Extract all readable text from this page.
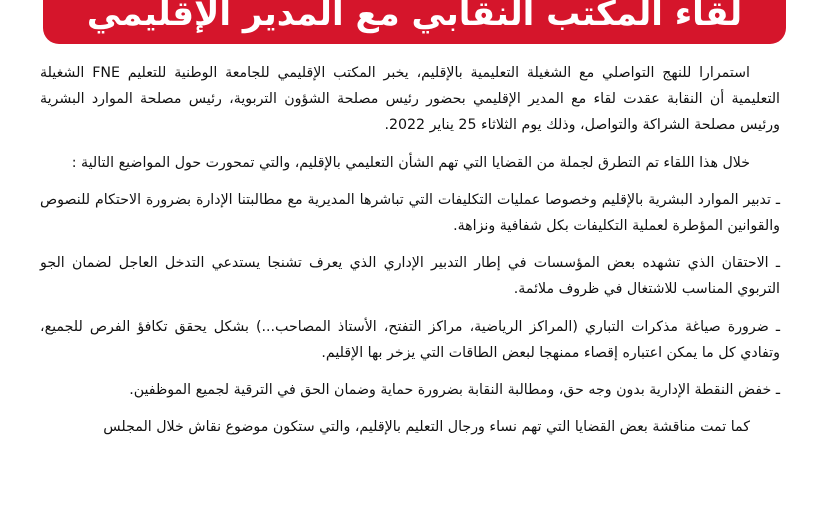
لقاء المكتب النقابي مع المدير الإقليمي

استمرارا للنهج التواصلي مع الشغيلة التعليمية بالإقليم، يخبر المكتب الإقليمي للجامعة الوطنية للتعليم FNE الشغيلة التعليمية أن النقابة عقدت لقاء مع المدير الإقليمي بحضور رئيس مصلحة الشؤون التربوية، رئيس مصلحة الموارد البشرية ورئيس مصلحة الشراكة والتواصل، وذلك يوم الثلاثاء 25 يناير 2022.

خلال هذا اللقاء تم التطرق لجملة من القضايا التي تهم الشأن التعليمي بالإقليم، والتي تمحورت حول المواضيع التالية :

ـ تدبير الموارد البشرية بالإقليم وخصوصا عمليات التكليفات التي تباشرها المديرية مع مطالبتنا الإدارة بضرورة الاحتكام للنصوص والقوانين المؤطرة لعملية التكليفات بكل شفافية ونزاهة.

ـ الاحتقان الذي تشهده بعض المؤسسات في إطار التدبير الإداري الذي يعرف تشنجا يستدعي التدخل العاجل لضمان الجو التربوي المناسب للاشتغال في ظروف ملائمة.

ـ ضرورة صياغة مذكرات التباري (المراكز الرياضية، مراكز التفتح، الأستاذ المصاحب...) بشكل يحقق تكافؤ الفرص للجميع، وتفادي كل ما يمكن اعتباره إقصاء ممنهجا لبعض الطاقات التي يزخر بها الإقليم.

ـ خفض النقطة الإدارية بدون وجه حق، ومطالبة النقابة بضرورة حماية وضمان الحق في الترقية لجميع الموظفين.

كما تمت مناقشة بعض القضايا التي تهم نساء ورجال التعليم بالإقليم، والتي ستكون موضوع نقاش خلال المجلس
